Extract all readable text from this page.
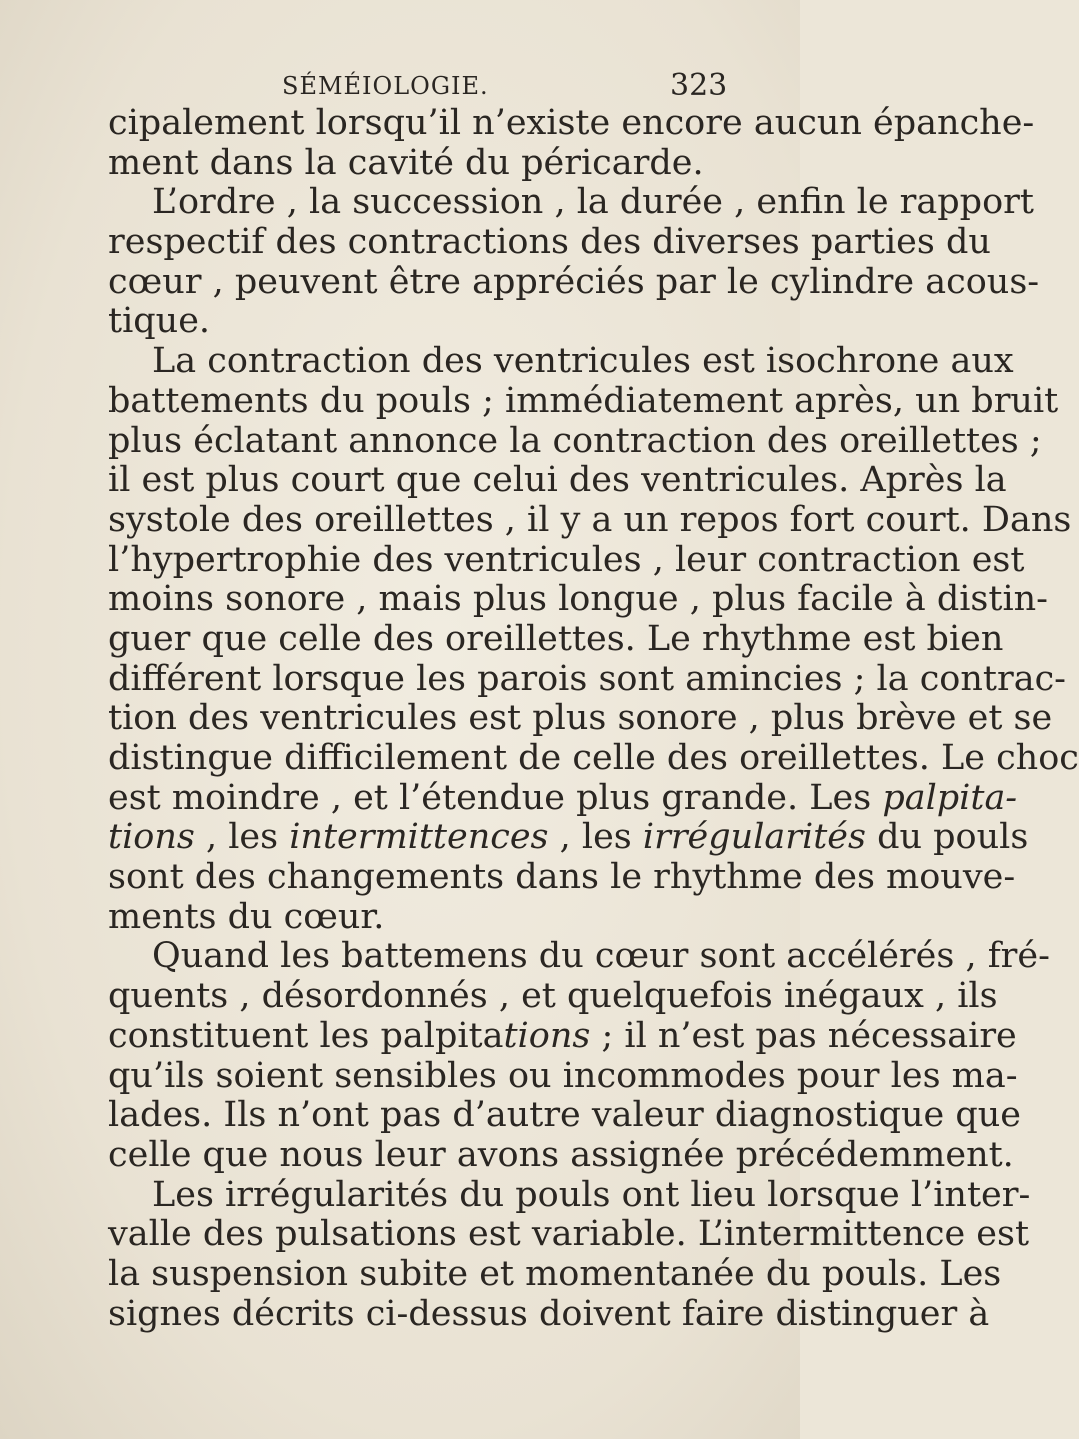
SÉMÉIOLOGIE.	323
cipalement lorsqu’il n’existe encore aucun épanche-
ment dans la cavité du péricarde.
L’ordre , la succession , la durée , enfin le rapport
respectif des contractions des diverses parties du
cœur , peuvent être appréciés par le cylindre acous-
tique.
La contraction des ventricules est isochrone aux
battements du pouls ; immédiatement après, un bruit
plus éclatant annonce la contraction des oreillettes ;
il est plus court que celui des ventricules. Après la
systole des oreillettes , il y a un repos fort court. Dans
l’hypertrophie des ventricules , leur contraction est
moins sonore , mais plus longue , plus facile à distin-
guer que celle des oreillettes. Le rhythme est bien
différent lorsque les parois sont amincies ; la contrac-
tion des ventricules est plus sonore , plus brève et se
distingue difficilement de celle des oreillettes. Le choc
est moindre , et l’étendue plus grande. Les palpita-
tions , les intermittences , les irrégularités du pouls
sont des changements dans le rhythme des mouve-
ments du cœur.
Quand les battemens du cœur sont accélérés , fré-
quents , désordonnés , et quelquefois inégaux , ils
constituent les palpitations ; il n’est pas nécessaire
qu’ils soient sensibles ou incommodes pour les ma-
lades. Ils n’ont pas d’autre valeur diagnostique que
celle que nous leur avons assignée précédemment.
Les irrégularités du pouls ont lieu lorsque l’inter-
valle des pulsations est variable. L’intermittence est
la suspension subite et momentanée du pouls. Les
signes décrits ci-dessus doivent faire distinguer à
